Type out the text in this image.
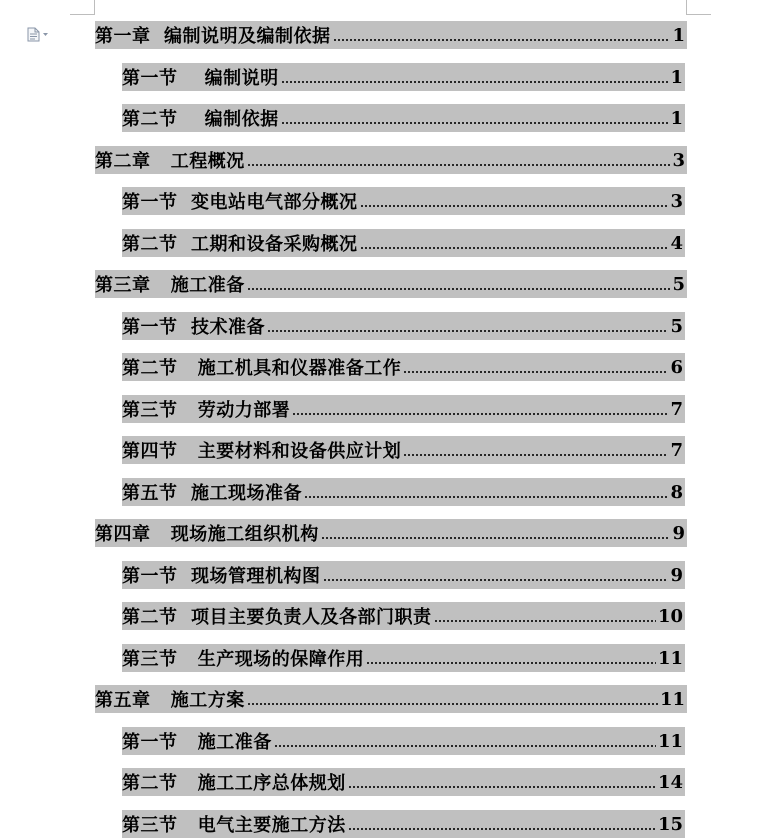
第一章  编制说明及编制依据	1
第一节    编制说明	1
第二节    编制依据	1
第二章   工程概况	3
第一节  变电站电气部分概况	3
第二节  工期和设备采购概况	4
第三章   施工准备	5
第一节  技术准备	5
第二节   施工机具和仪器准备工作	6
第三节   劳动力部署	7
第四节   主要材料和设备供应计划	7
第五节  施工现场准备	8
第四章   现场施工组织机构	9
第一节  现场管理机构图	9
第二节  项目主要负责人及各部门职责	10
第三节   生产现场的保障作用	11
第五章   施工方案	11
第一节   施工准备	11
第二节   施工工序总体规划	14
第三节   电气主要施工方法	15
